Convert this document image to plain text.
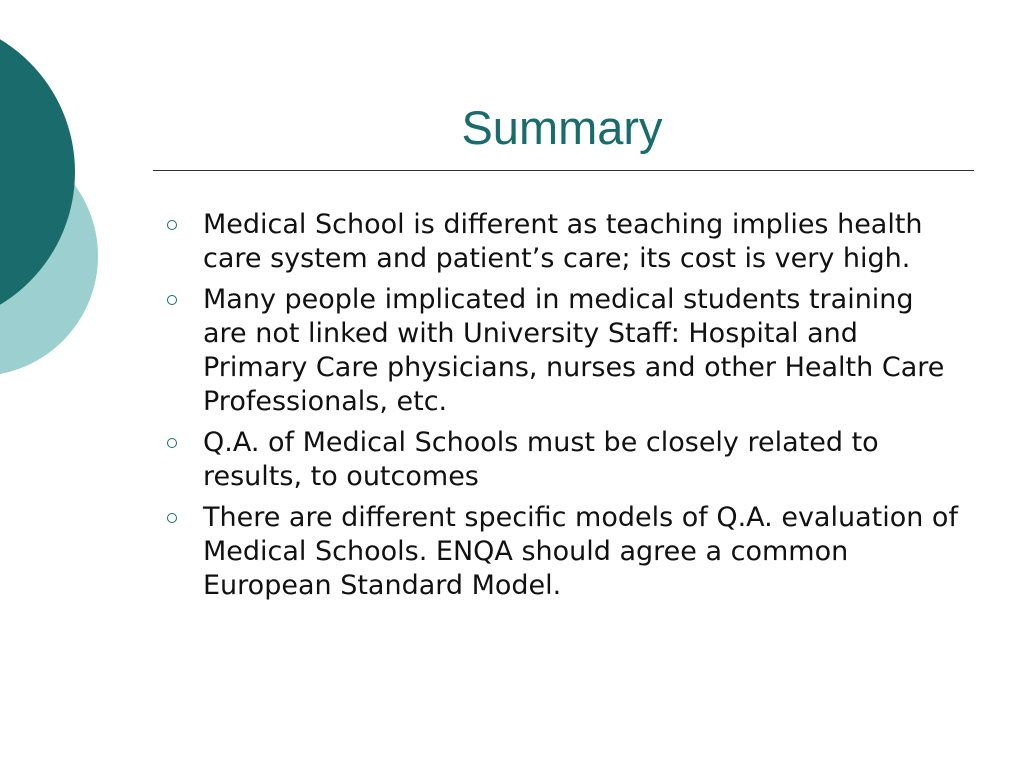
Summary
Medical School is different as teaching implies health care system and patient’s care; its cost is very high.
Many people implicated in medical students training are not linked with University Staff: Hospital and Primary Care physicians, nurses and other Health Care Professionals, etc.
Q.A. of Medical Schools must be closely related to results, to outcomes
There are different specific models of Q.A. evaluation of Medical Schools. ENQA should agree a common European Standard Model.
